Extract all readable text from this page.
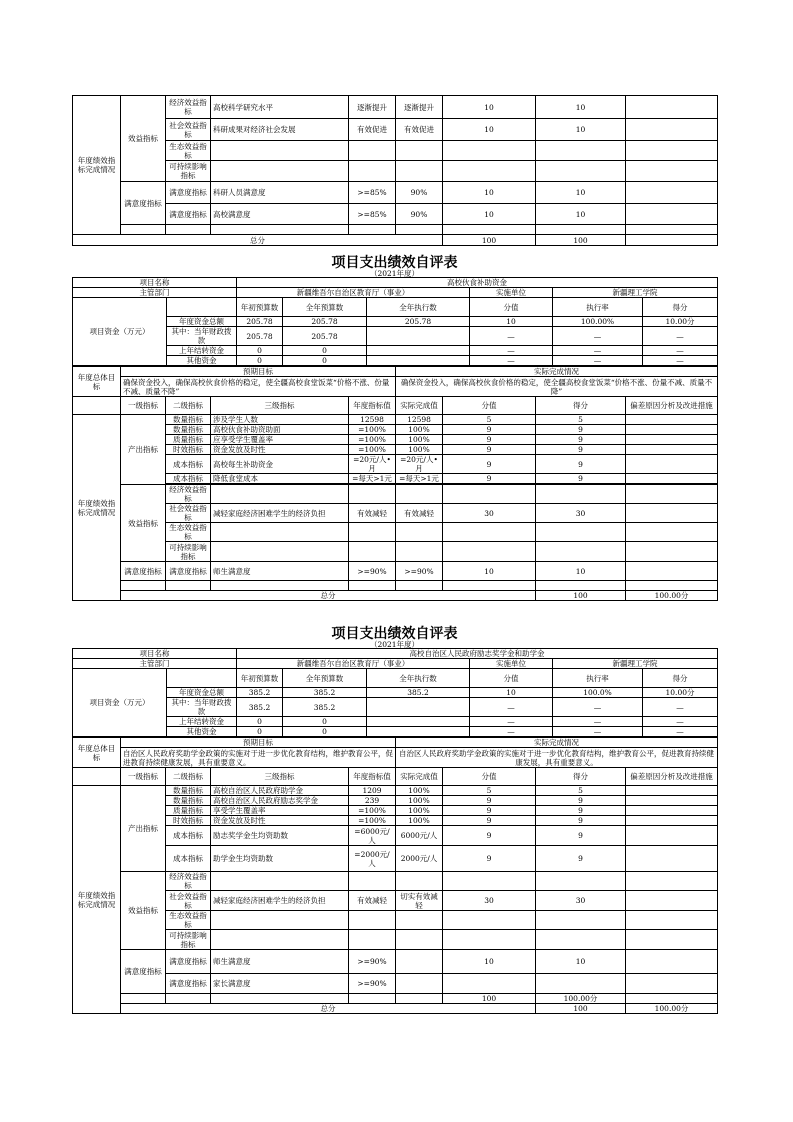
年度绩效指标完成情况	效益指标	经济效益指标	高校科学研究水平	逐渐提升	逐渐提升	10	10	
		社会效益指标	科研成果对经济社会发展	有效促进	有效促进	10	10	
		生态效益指标						
		可持续影响指标						
	满意度指标	满意度指标	科研人员满意度	>=85%	90%	10	10	
		满意度指标	高校满意度	>=85%	90%	10	10	

总分						100	100	
项目支出绩效自评表
（2021年度）
项目名称		高校伙食补助资金					
主管部门		新疆维吾尔自治区教育厅（事业）			实施单位	新疆理工学院	
项目资金（万元）		年初预算数	全年预算数	全年执行数	分值	执行率	得分
	年度资金总额	205.78	205.78	205.78	10	100.00%	10.00分
	其中：当年财政拨款	205.78	205.78		—	—	—
	上年结转资金	0	0		—	—	—
	其他资金	0	0		—	—	—
年度总体目标	预期目标	实际完成情况
	确保资金投入，确保高校伙食价格的稳定，使全疆高校食堂饭菜“价格不涨、份量不减、质量不降”	确保资金投入，确保高校伙食价格的稳定，使全疆高校食堂饭菜“价格不涨、份量不减、质量不降”
	一级指标	二级指标	三级指标	年度指标值	实际完成值	分值	得分	偏差原因分析及改进措施	
年度绩效指标完成情况	产出指标	数量指标	涉及学生人数	12598	12598	5	5		
		数量指标	高校伙食补助资助面	=100%	100%	9	9		
		质量指标	应享受学生覆盖率	=100%	100%	9	9		
		时效指标	资金发放及时性	=100%	100%	9	9		
		成本指标	高校每生补助资金	=20元/人•月	=20元/人•月	9	9		
		成本指标	降低食堂成本	=每天>1元	=每天>1元	9	9		

	效益指标	经济效益指标							
		社会效益指标	减轻家庭经济困难学生的经济负担	有效减轻	有效减轻	30	30		
		生态效益指标							
		可持续影响指标							
	满意度指标	满意度指标	师生满意度	>=90%	>=90%	10	10		

	总分						100	100.00分	
项目支出绩效自评表
（2021年度）
项目名称		高校自治区人民政府励志奖学金和助学金					
主管部门		新疆维吾尔自治区教育厅（事业）			实施单位	新疆理工学院	
项目资金（万元）		年初预算数	全年预算数	全年执行数	分值	执行率	得分
	年度资金总额	385.2	385.2	385.2	10	100.0%	10.00分
	其中：当年财政拨款	385.2	385.2		—	—	—
	上年结转资金	0	0		—	—	—
	其他资金	0	0		—	—	—
年度总体目标	预期目标	实际完成情况
	自治区人民政府奖助学金政策的实施对于进一步优化教育结构，维护教育公平，促进教育持续健康发展，具有重要意义。	自治区人民政府奖助学金政策的实施对于进一步优化教育结构，维护教育公平，促进教育持续健康发展，具有重要意义。
	一级指标	二级指标	三级指标	年度指标值	实际完成值	分值	得分	偏差原因分析及改进措施	
年度绩效指标完成情况	产出指标	数量指标	高校自治区人民政府助学金	1209	100%	5	5		
		数量指标	高校自治区人民政府励志奖学金	239	100%	9	9		
		质量指标	享受学生覆盖率	=100%	100%	9	9		
		时效指标	资金发放及时性	=100%	100%	9	9		
		成本指标	励志奖学金生均资助数	=6000元/人	6000元/人	9	9		
		成本指标	助学金生均资助数	=2000元/人	2000元/人	9	9		
	效益指标	经济效益指标							
		社会效益指标	减轻家庭经济困难学生的经济负担	有效减轻	切实有效减轻	30	30		
		生态效益指标							
		可持续影响指标							
	满意度指标	满意度指标	师生满意度	>=90%		10	10		
		满意度指标	家长满意度	>=90%					
						100	100.00分		
	总分						100	100.00分	
